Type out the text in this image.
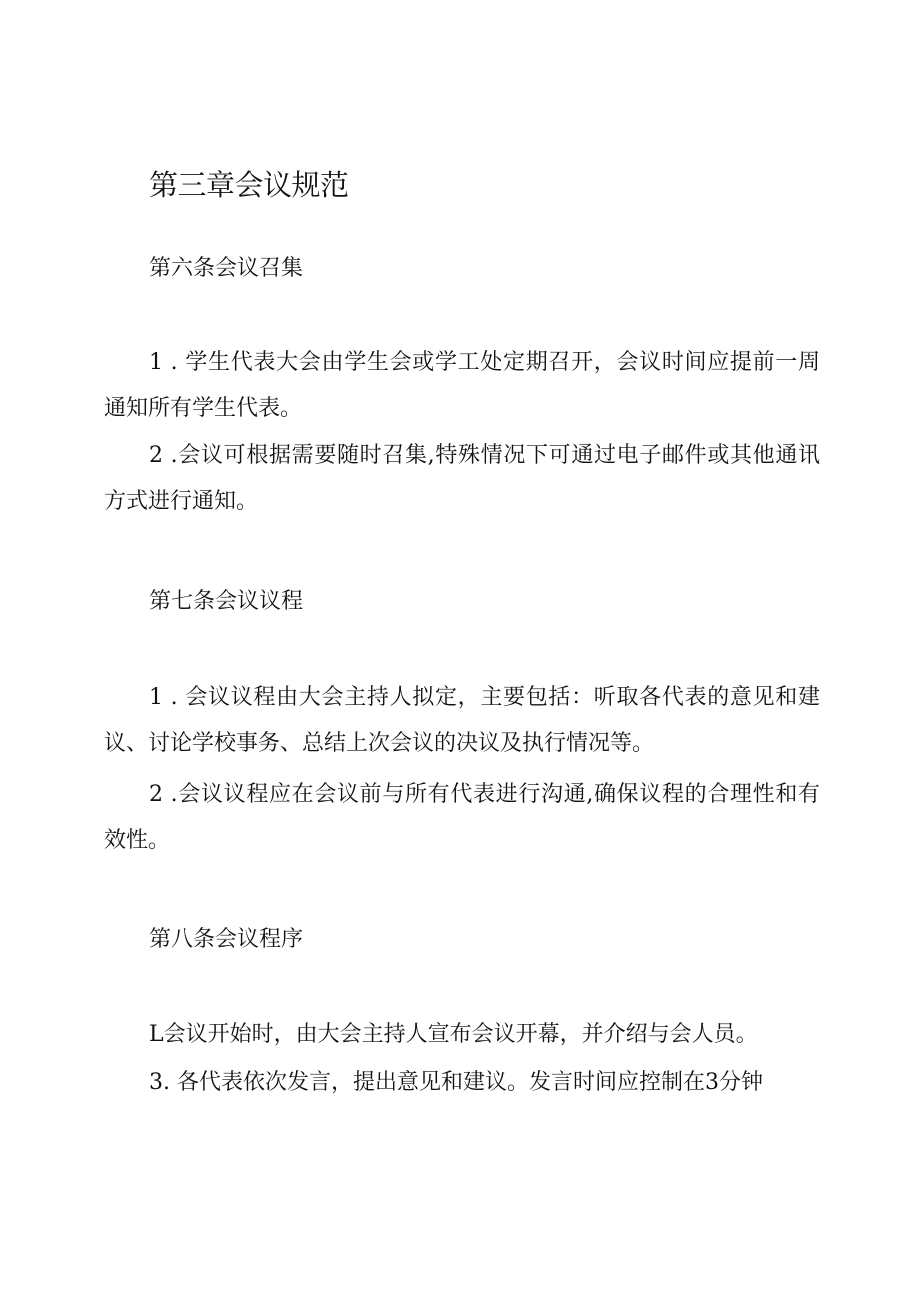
第三章会议规范
第六条会议召集

1 . 学生代表大会由学生会或学工处定期召开，会议时间应提前一周通知所有学生代表。

2 .会议可根据需要随时召集,特殊情况下可通过电子邮件或其他通讯方式进行通知。

第七条会议议程

1 . 会议议程由大会主持人拟定，主要包括：听取各代表的意见和建议、讨论学校事务、总结上次会议的决议及执行情况等。

2 .会议议程应在会议前与所有代表进行沟通,确保议程的合理性和有效性。

第八条会议程序

L会议开始时，由大会主持人宣布会议开幕，并介绍与会人员。

3. 各代表依次发言，提出意见和建议。发言时间应控制在3分钟
